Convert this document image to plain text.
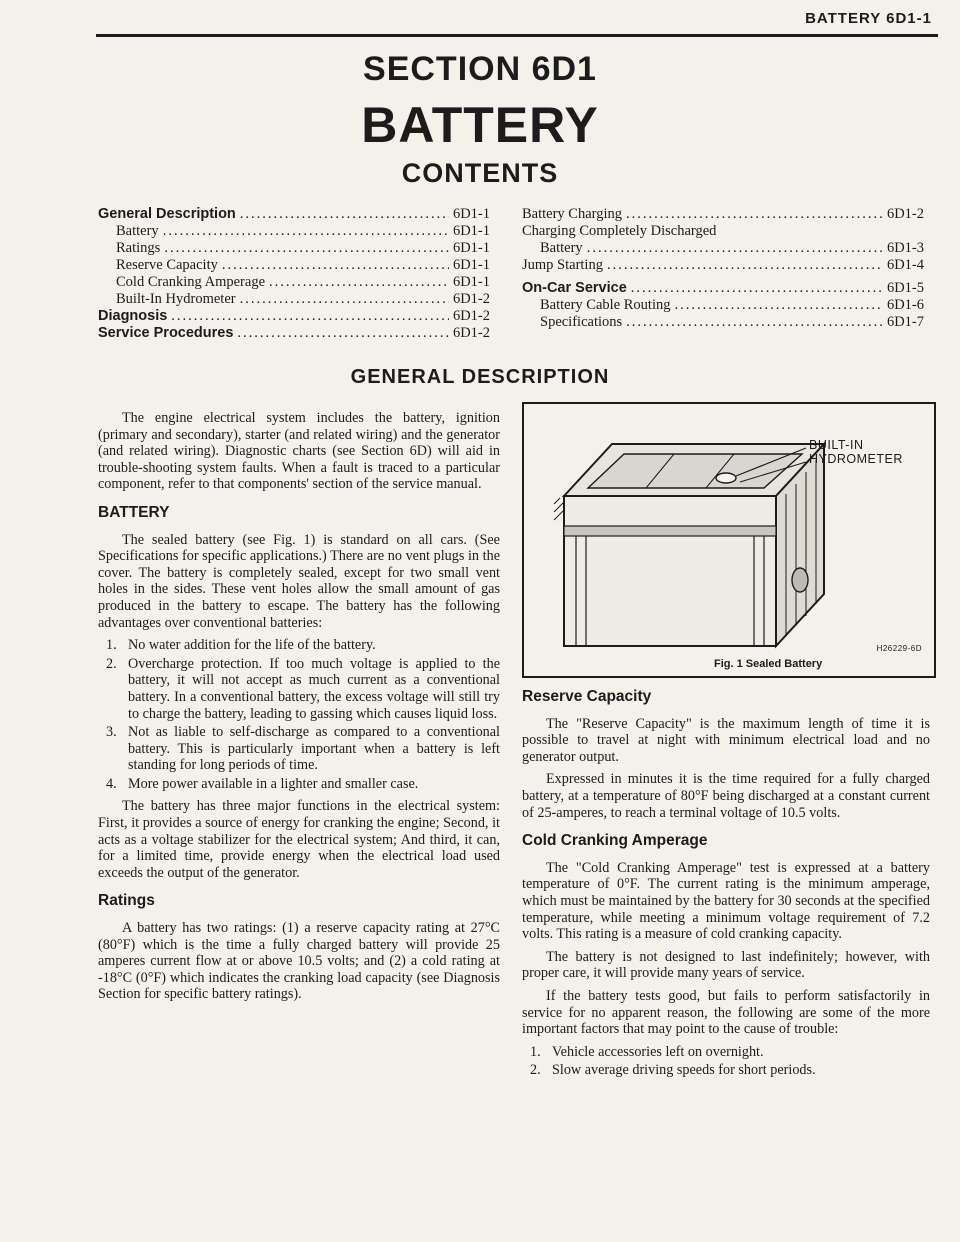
BATTERY 6D1-1
SECTION 6D1
BATTERY
CONTENTS
General Description .....	6D1-1
Battery .....	6D1-1
Ratings .....	6D1-1
Reserve Capacity .....	6D1-1
Cold Cranking Amperage .....	6D1-1
Built-In Hydrometer .....	6D1-2
Diagnosis .....	6D1-2
Service Procedures .....	6D1-2
Battery Charging .....	6D1-2
Charging Completely Discharged
Battery .....	6D1-3
Jump Starting .....	6D1-4
On-Car Service .....	6D1-5
Battery Cable Routing .....	6D1-6
Specifications .....	6D1-7
GENERAL DESCRIPTION

The engine electrical system includes the battery, ignition (primary and secondary), starter (and related wiring) and the generator (and related wiring). Diagnostic charts (see Section 6D) will aid in trouble-shooting system faults. When a fault is traced to a particular component, refer to that components' section of the service manual.

BATTERY

The sealed battery (see Fig. 1) is standard on all cars. (See Specifications for specific applications.) There are no vent plugs in the cover. The battery is completely sealed, except for two small vent holes in the sides. These vent holes allow the small amount of gas produced in the battery to escape. The battery has the following advantages over conventional batteries:

1. No water addition for the life of the battery.
2. Overcharge protection. If too much voltage is applied to the battery, it will not accept as much current as a conventional battery. In a conventional battery, the excess voltage will still try to charge the battery, leading to gassing which causes liquid loss.
3. Not as liable to self-discharge as compared to a conventional battery. This is particularly important when a battery is left standing for long periods of time.
4. More power available in a lighter and smaller case.

The battery has three major functions in the electrical system: First, it provides a source of energy for cranking the engine; Second, it acts as a voltage stabilizer for the electrical system; And third, it can, for a limited time, provide energy when the electrical load used exceeds the output of the generator.

Ratings

A battery has two ratings: (1) a reserve capacity rating at 27°C (80°F) which is the time a fully charged battery will provide 25 amperes current flow at or above 10.5 volts; and (2) a cold rating at -18°C (0°F) which indicates the cranking load capacity (see Diagnosis Section for specific battery ratings).

BUILT-IN
HYDROMETER
H26229-6D
Fig. 1 Sealed Battery
Reserve Capacity

The "Reserve Capacity" is the maximum length of time it is possible to travel at night with minimum electrical load and no generator output.

Expressed in minutes it is the time required for a fully charged battery, at a temperature of 80°F being discharged at a constant current of 25-amperes, to reach a terminal voltage of 10.5 volts.

Cold Cranking Amperage

The "Cold Cranking Amperage" test is expressed at a battery temperature of 0°F. The current rating is the minimum amperage, which must be maintained by the battery for 30 seconds at the specified temperature, while meeting a minimum voltage requirement of 7.2 volts. This rating is a measure of cold cranking capacity.

The battery is not designed to last indefinitely; however, with proper care, it will provide many years of service.

If the battery tests good, but fails to perform satisfactorily in service for no apparent reason, the following are some of the more important factors that may point to the cause of trouble:

1. Vehicle accessories left on overnight.
2. Slow average driving speeds for short periods.
